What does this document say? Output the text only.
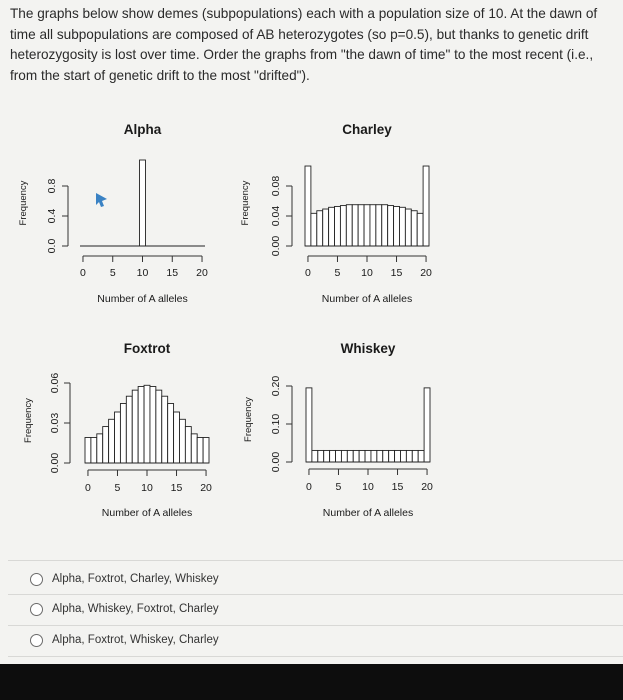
The graphs below show demes (subpopulations) each with a population size of 10. At the dawn of time all subpopulations are composed of AB heterozygotes (so p=0.5), but thanks to genetic drift heterozygosity is lost over time. Order the graphs from "the dawn of time" to the most recent (i.e., from the start of genetic drift to the most "drifted").

Alpha
0 5 10 15 20
Number of A alleles
0.0
0.4
0.8
Frequency
Charley
0 5 10 15 20
Number of A alleles
0.00
0.04
0.08
Frequency
Foxtrot
0 5 10 15 20
Number of A alleles
0.00
0.03
0.06
Frequency
Whiskey
0 5 10 15 20
Number of A alleles
0.00
0.10
0.20
Frequency
Alpha, Foxtrot, Charley, Whiskey
Alpha, Whiskey, Foxtrot, Charley
Alpha, Foxtrot, Whiskey, Charley
